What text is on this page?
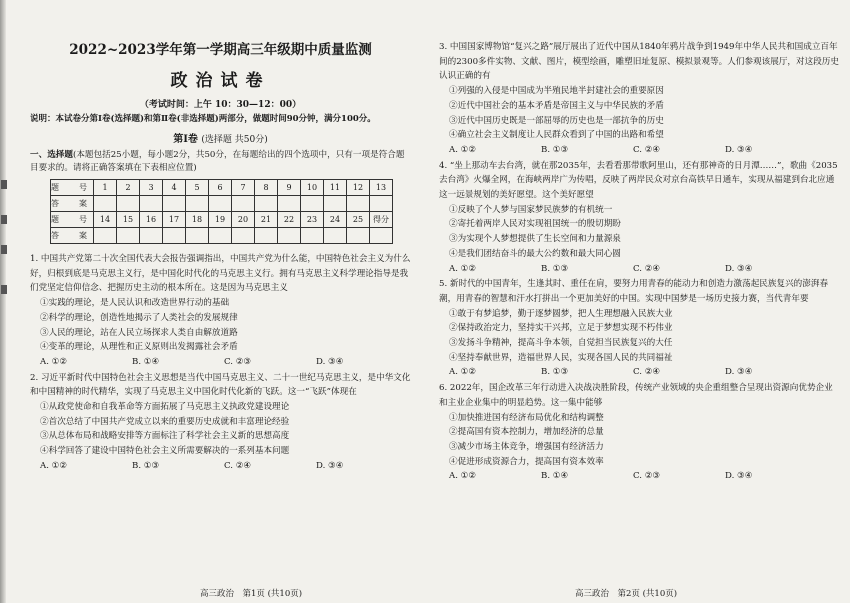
2022~2023学年第一学期高三年级期中质量监测

政治试卷

（考试时间：上午 10：30—12：00）

说明：本试卷分第Ⅰ卷(选择题)和第Ⅱ卷(非选择题)两部分，做题时间90分钟，满分100分。

第Ⅰ卷 (选择题 共50分)

一、选择题(本题包括25小题，每小题2分，共50分，在每题给出的四个选项中，只有一项是符合题目要求的。请将正确答案填在下表相应位置)

题　号	1	2	3	4	5	6	7	8	9	10	11	12	13
答　案													
题　号	14	15	16	17	18	19	20	21	22	23	24	25	得分
答　案													

1. 中国共产党第二十次全国代表大会报告强调指出，中国共产党为什么能，中国特色社会主义为什么好，归根到底是马克思主义行，是中国化时代化的马克思主义行。拥有马克思主义科学理论指导是我们党坚定信仰信念、把握历史主动的根本所在。这是因为马克思主义

①实践的理论，是人民认识和改造世界行动的基础

②科学的理论，创造性地揭示了人类社会的发展规律

③人民的理论，站在人民立场探求人类自由解放道路

④变革的理论，从理性和正义原则出发揭露社会矛盾

A. ①②	B. ①④	C. ②③	D. ③④

2. 习近平新时代中国特色社会主义思想是当代中国马克思主义、二十一世纪马克思主义，是中华文化和中国精神的时代精华，实现了马克思主义中国化时代化新的飞跃。这一“飞跃”体现在

①从政党使命和自我革命等方面拓展了马克思主义执政党建设理论

②首次总结了中国共产党成立以来的重要历史成就和丰富理论经验

③从总体布局和战略安排等方面标注了科学社会主义新的思想高度

④科学回答了建设中国特色社会主义所需要解决的一系列基本问题

A. ①②	B. ①③	C. ②④	D. ③④
高三政治　第1页 (共10页)

3. 中国国家博物馆“复兴之路”展厅展出了近代中国从1840年鸦片战争到1949年中华人民共和国成立百年间的2300多件实物、文献、图片，模型绘画，雕塑旧址复原、模拟景观等。人们参观该展厅，对这段历史认识正确的有

①列强的入侵是中国成为半殖民地半封建社会的重要原因

②近代中国社会的基本矛盾是帝国主义与中华民族的矛盾

③近代中国历史既是一部屈辱的历史也是一部抗争的历史

④确立社会主义制度让人民群众看到了中国的出路和希望

A. ①②	B. ①③	C. ②④	D. ③④

4. “坐上那动车去台湾，就在那2035年，去看看那带歌阿里山，还有那神奇的日月潭……”，歌曲《2035去台湾》火爆全网，在海峡两岸广为传唱，反映了两岸民众对京台高铁早日通车，实现从福建到台北应通这一远景规划的美好愿望。这个美好愿望

①反映了个人梦与国家梦民族梦的有机统一

②寄托着两岸人民对实现祖国统一的殷切期盼

③为实现个人梦想提供了生长空间和力量源泉

④是我们团结奋斗的最大公约数和最大同心圆

A. ①②	B. ①③	C. ②④	D. ③④

5. 新时代的中国青年，生逢其时、重任在肩，要努力用青春的能动力和创造力激荡起民族复兴的澎湃春潮，用青春的智慧和汗水打拼出一个更加美好的中国。实现中国梦是一场历史接力赛，当代青年要

①敢于有梦追梦，勤于逐梦圆梦，把人生理想融入民族大业

②保持政治定力，坚持实干兴邦，立足于梦想实现不朽伟业

③发扬斗争精神，提高斗争本领，自觉担当民族复兴的大任

④坚持奉献世界，造福世界人民，实现各国人民的共同福祉

A. ①②	B. ①③	C. ②④	D. ③④

6. 2022年，国企改革三年行动进入决战决胜阶段，传统产业领域的央企重组整合呈现出资源向优势企业和主业企业集中的明显趋势。这一集中能够

①加快推进国有经济布局优化和结构调整

②提高国有资本控制力，增加经济的总量

③减少市场主体竞争，增强国有经济活力

④促进形成资源合力，提高国有资本效率

A. ①②	B. ①④	C. ②③	D. ③④
高三政治　第2页 (共10页)
